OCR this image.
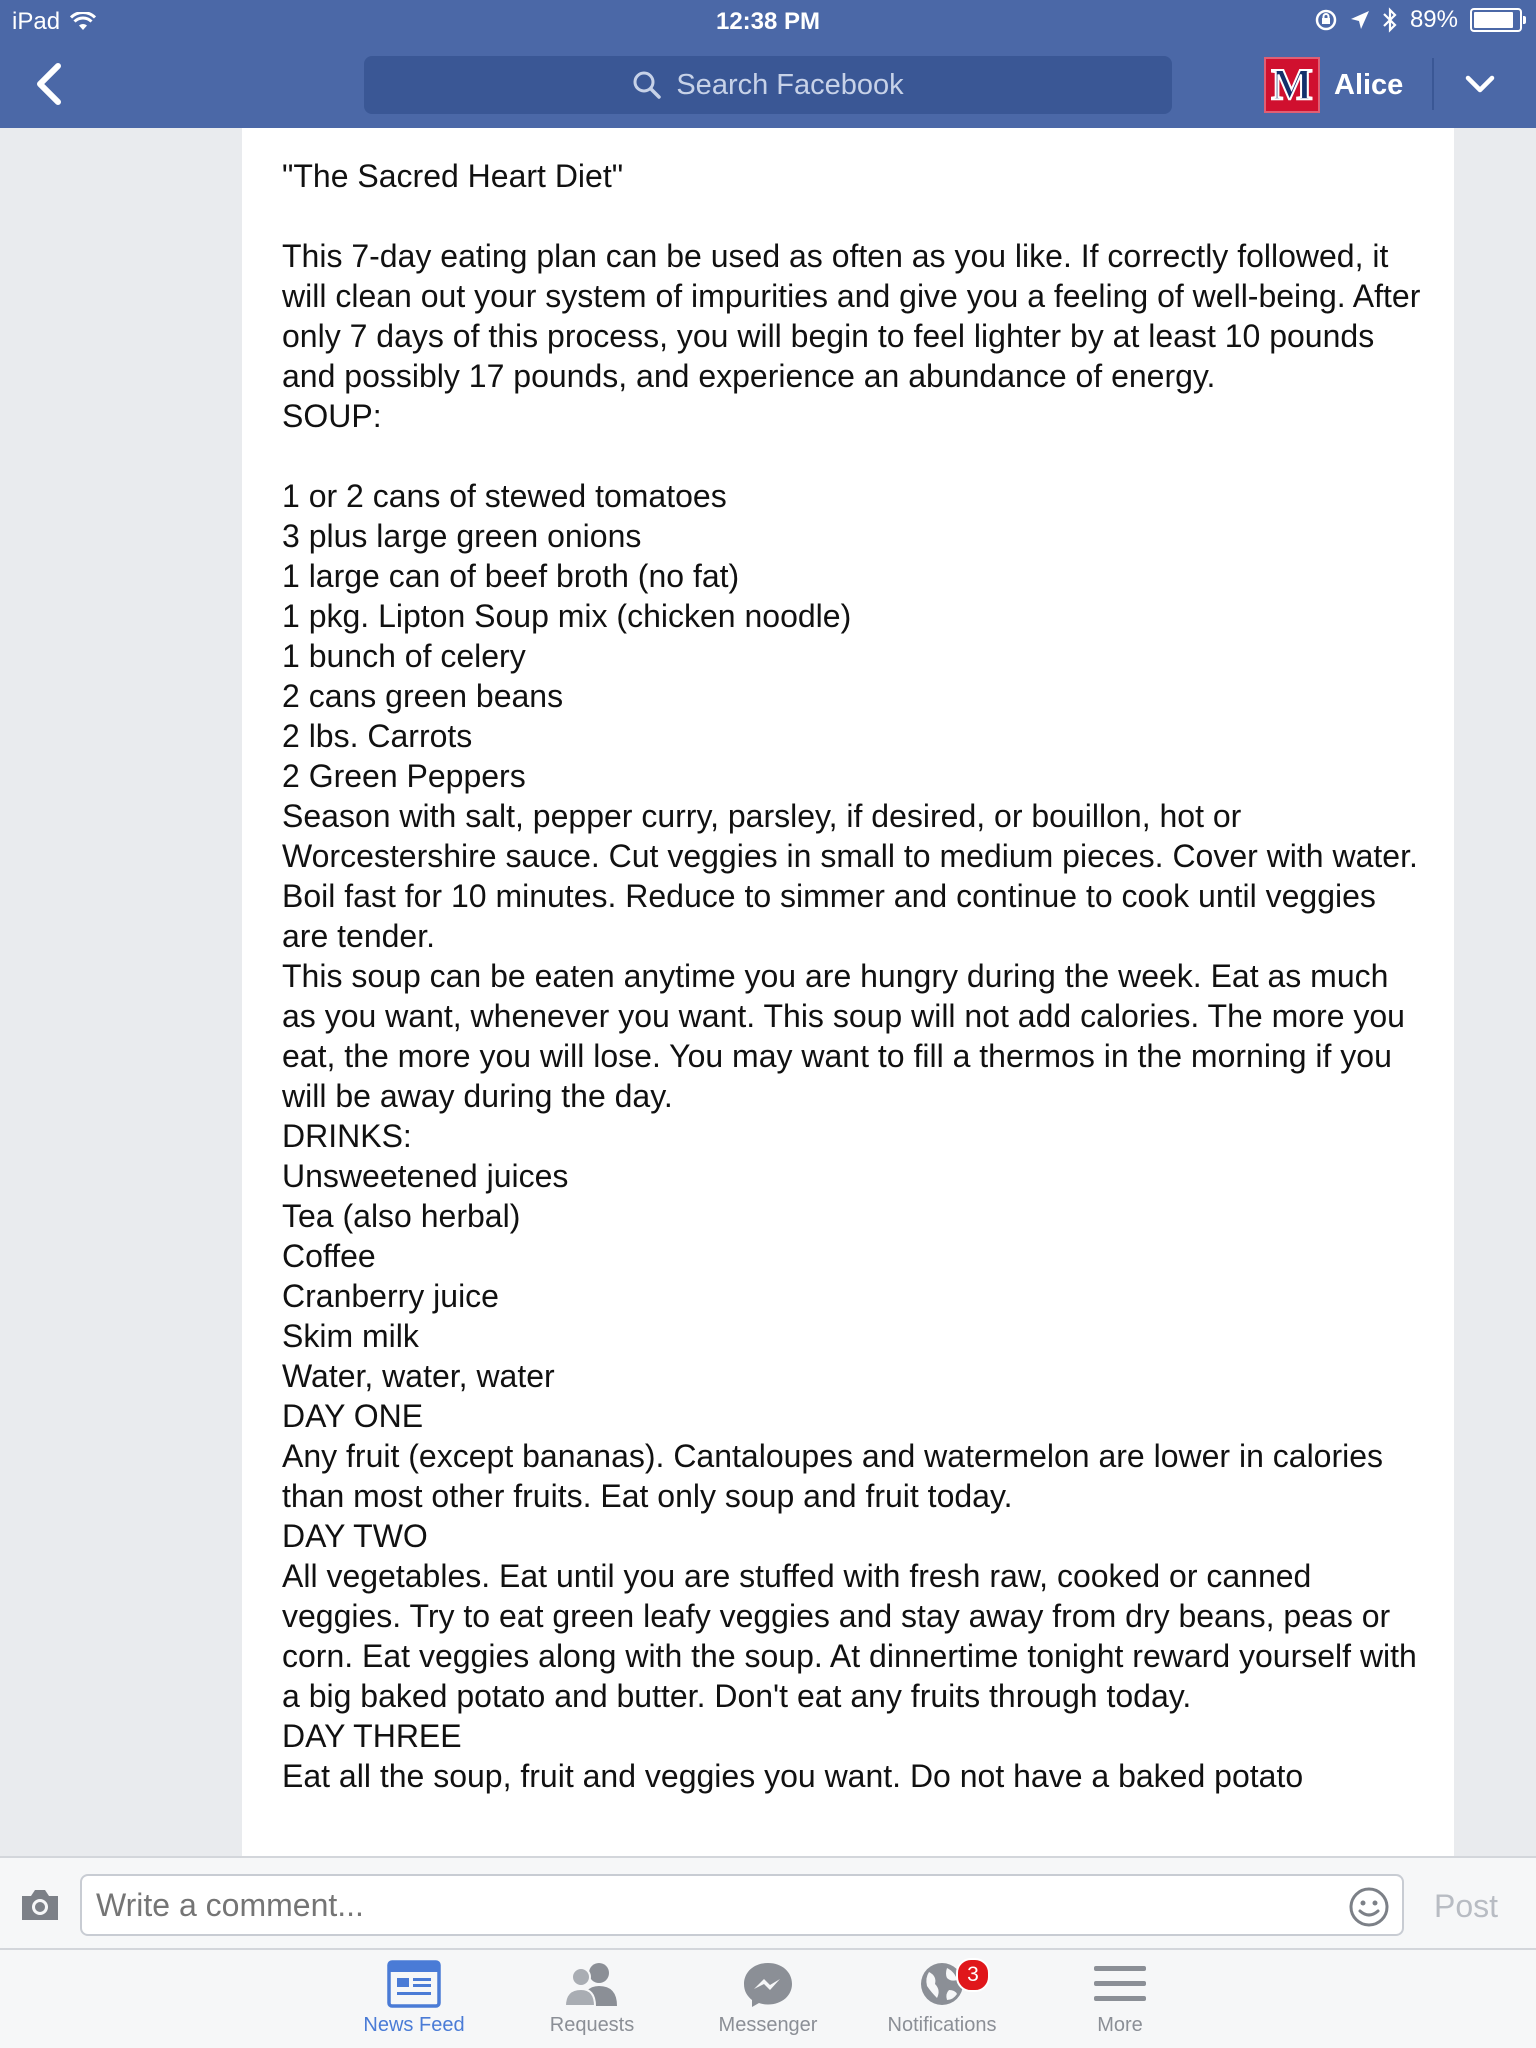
iPad	12:38 PM	89%
Search Facebook	M Alice

"The Sacred Heart Diet"

This 7-day eating plan can be used as often as you like. If correctly followed, it will clean out your system of impurities and give you a feeling of well-being. After only 7 days of this process, you will begin to feel lighter by at least 10 pounds and possibly 17 pounds, and experience an abundance of energy.

SOUP:

1 or 2 cans of stewed tomatoes

3 plus large green onions

1 large can of beef broth (no fat)

1 pkg. Lipton Soup mix (chicken noodle)

1 bunch of celery

2 cans green beans

2 lbs. Carrots

2 Green Peppers

Season with salt, pepper curry, parsley, if desired, or bouillon, hot or Worcestershire sauce. Cut veggies in small to medium pieces. Cover with water. Boil fast for 10 minutes. Reduce to simmer and continue to cook until veggies are tender.

This soup can be eaten anytime you are hungry during the week. Eat as much as you want, whenever you want. This soup will not add calories. The more you eat, the more you will lose. You may want to fill a thermos in the morning if you will be away during the day.

DRINKS:

Unsweetened juices

Tea (also herbal)

Coffee

Cranberry juice

Skim milk

Water, water, water

DAY ONE

Any fruit (except bananas). Cantaloupes and watermelon are lower in calories than most other fruits. Eat only soup and fruit today.

DAY TWO

All vegetables. Eat until you are stuffed with fresh raw, cooked or canned veggies. Try to eat green leafy veggies and stay away from dry beans, peas or corn. Eat veggies along with the soup. At dinnertime tonight reward yourself with a big baked potato and butter. Don't eat any fruits through today.

DAY THREE

Eat all the soup, fruit and veggies you want. Do not have a baked potato

Write a comment...
Post
News Feed	Requests	Messenger
3
Notifications	More
